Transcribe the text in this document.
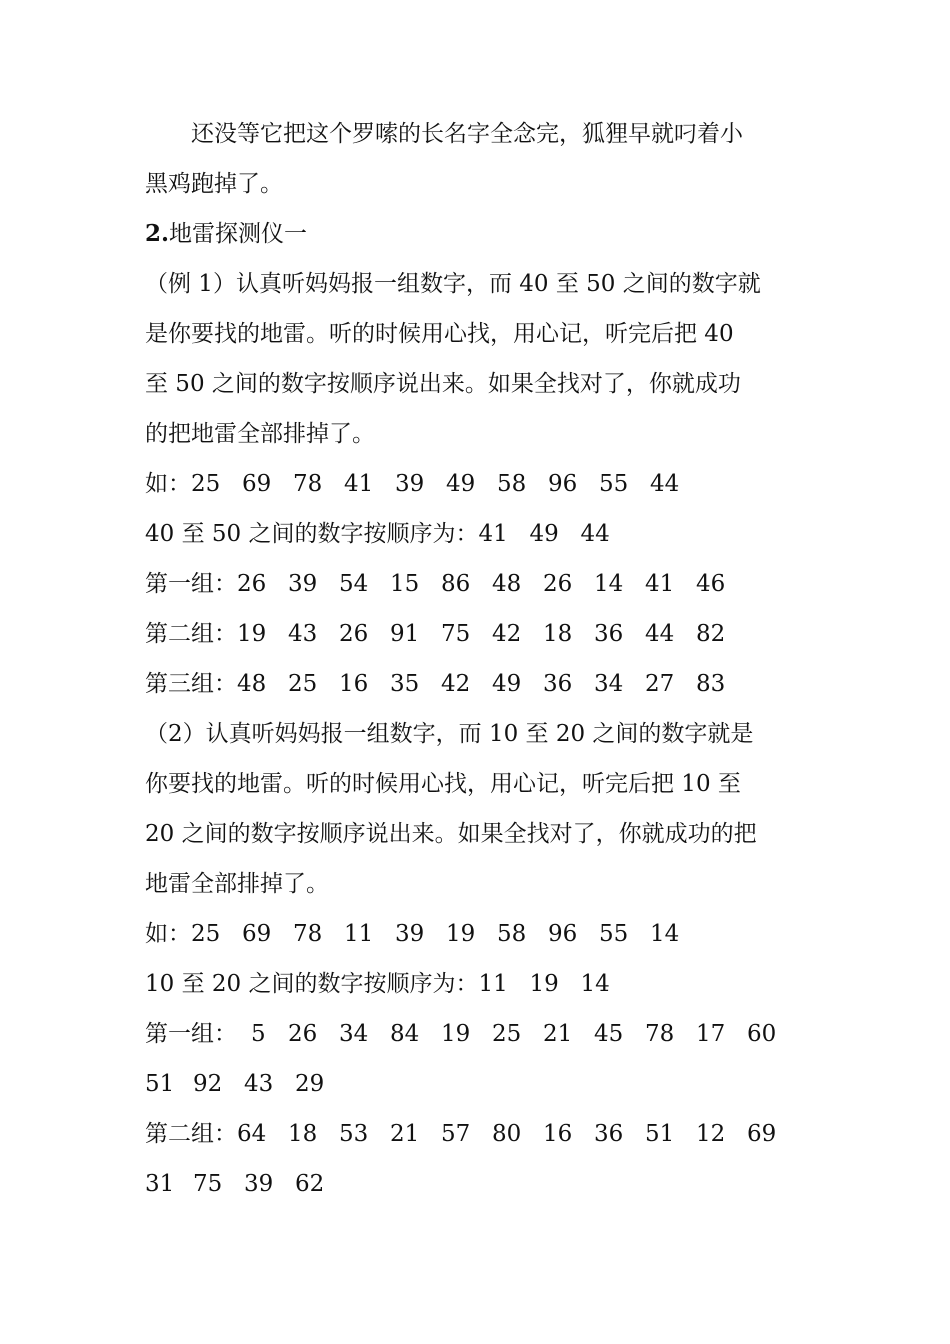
还没等它把这个罗嗦的长名字全念完，狐狸早就叼着小
黑鸡跑掉了。
2.地雷探测仪一
（例 1）认真听妈妈报一组数字，而 40 至 50 之间的数字就
是你要找的地雷。听的时候用心找，用心记，听完后把 40
至 50 之间的数字按顺序说出来。如果全找对了，你就成功
的把地雷全部排掉了。
如： 25 69 78 41 39 49 58 96 55 44
40 至 50 之间的数字按顺序为： 41 49 44
第一组： 26 39 54 15 86 48 26 14 41 46
第二组： 19 43 26 91 75 42 18 36 44 82
第三组： 48 25 16 35 42 49 36 34 27 83
（2）认真听妈妈报一组数字，而 10 至 20 之间的数字就是
你要找的地雷。听的时候用心找，用心记，听完后把 10 至
20 之间的数字按顺序说出来。如果全找对了，你就成功的把
地雷全部排掉了。
如： 25 69 78 11 39 19 58 96 55 14
10 至 20 之间的数字按顺序为： 11 19 14
第一组： 5 26 34 84 19 25 21 45 78 17 60
51 92 43 29
第二组： 64 18 53 21 57 80 16 36 51 12 69
31 75 39 62
